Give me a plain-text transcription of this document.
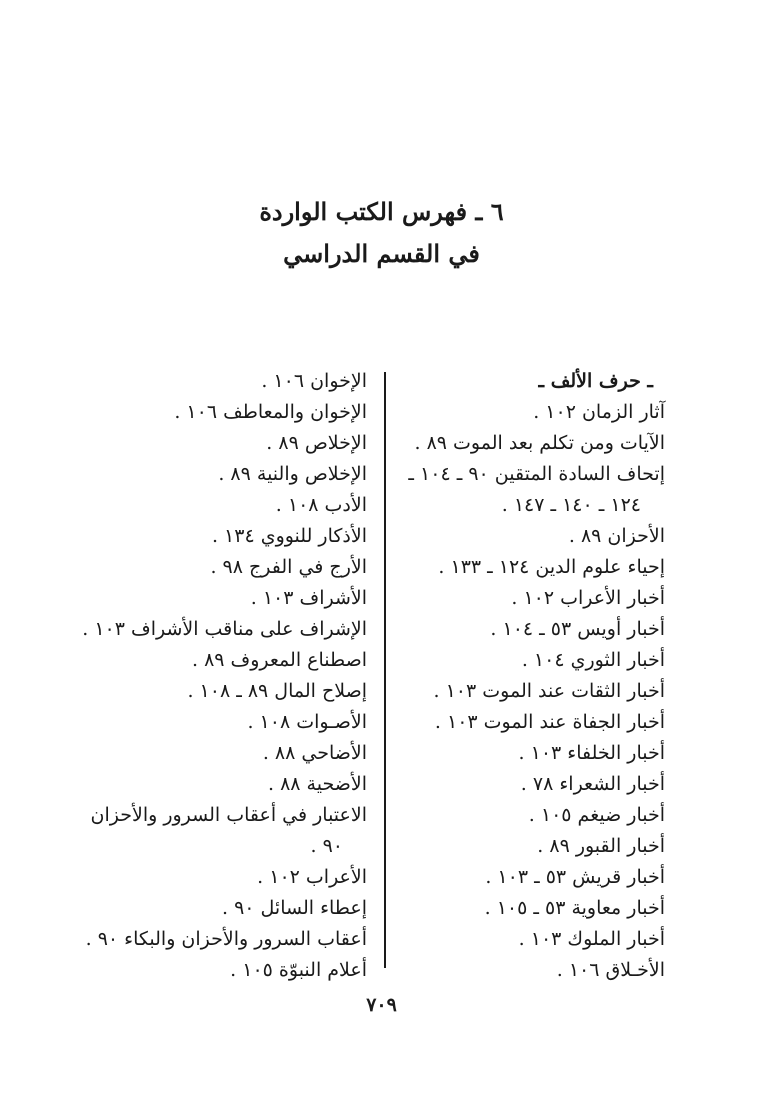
٦ ـ فهرس الكتب الواردة
في القسم الدراسي
ـ حرف الألف ـ
آثار الزمان ١٠٢ .
الآيات ومن تكلم بعد الموت ٨٩ .
إتحاف السادة المتقين ٩٠ ـ ١٠٤ ـ
١٢٤ ـ ١٤٠ ـ ١٤٧ .
الأحزان ٨٩ .
إحياء علوم الدين ١٢٤ ـ ١٣٣ .
أخبار الأعراب ١٠٢ .
أخبار أويس ٥٣ ـ ١٠٤ .
أخبار الثوري ١٠٤ .
أخبار الثقات عند الموت ١٠٣ .
أخبار الجفاة عند الموت ١٠٣ .
أخبار الخلفاء ١٠٣ .
أخبار الشعراء ٧٨ .
أخبار ضيغم ١٠٥ .
أخبار القبور ٨٩ .
أخبار قريش ٥٣ ـ ١٠٣ .
أخبار معاوية ٥٣ ـ ١٠٥ .
أخبار الملوك ١٠٣ .
الأخـلاق ١٠٦ .
الإخوان ١٠٦ .
الإخوان والمعاطف ١٠٦ .
الإخلاص ٨٩ .
الإخلاص والنية ٨٩ .
الأدب ١٠٨ .
الأذكار للنووي ١٣٤ .
الأرج في الفرج ٩٨ .
الأشراف ١٠٣ .
الإشراف على مناقب الأشراف ١٠٣ .
اصطناع المعروف ٨٩ .
إصلاح المال ٨٩ ـ ١٠٨ .
الأصـوات ١٠٨ .
الأضاحي ٨٨ .
الأضحية ٨٨ .
الاعتبار في أعقاب السرور والأحزان
٩٠ .
الأعراب ١٠٢ .
إعطاء السائل ٩٠ .
أعقاب السرور والأحزان والبكاء ٩٠ .
أعلام النبوّة ١٠٥ .
٧٠٩
